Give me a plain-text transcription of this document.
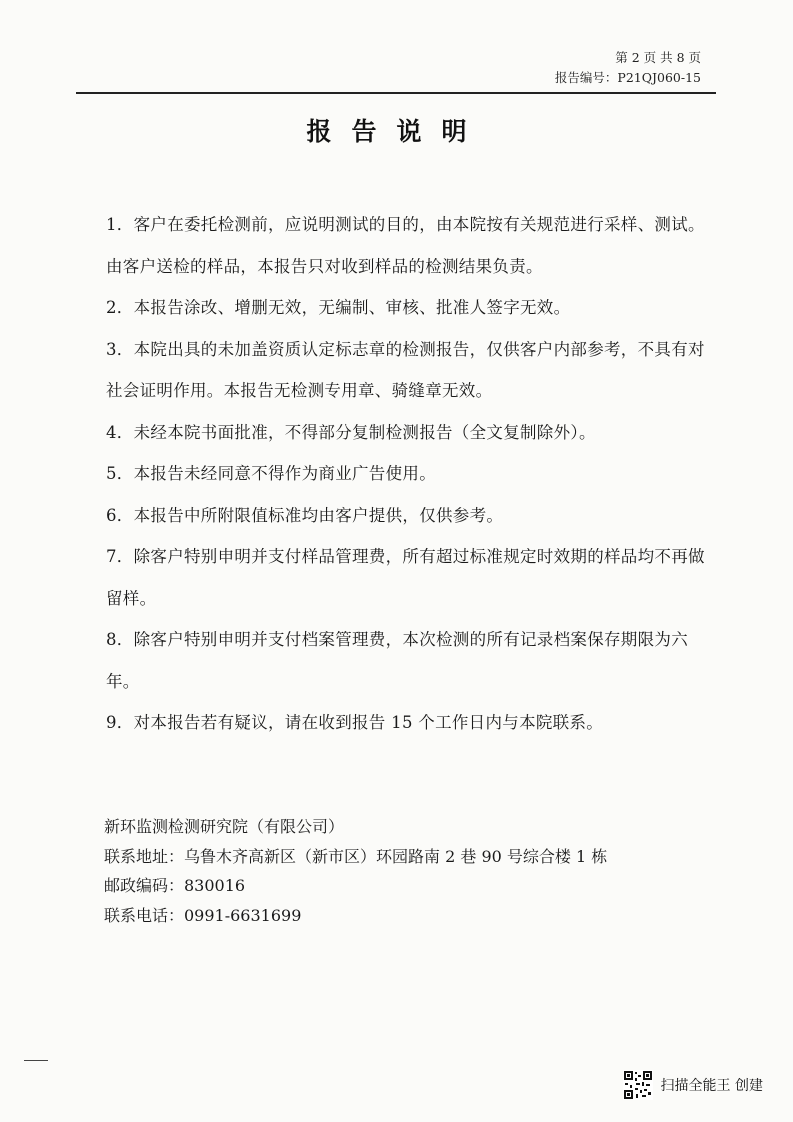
第 2 页 共 8 页
报告编号：P21QJ060-15
报告说明

1．客户在委托检测前，应说明测试的目的，由本院按有关规范进行采样、测试。由客户送检的样品，本报告只对收到样品的检测结果负责。

2．本报告涂改、增删无效，无编制、审核、批准人签字无效。

3．本院出具的未加盖资质认定标志章的检测报告，仅供客户内部参考，不具有对社会证明作用。本报告无检测专用章、骑缝章无效。

4．未经本院书面批准，不得部分复制检测报告（全文复制除外）。

5．本报告未经同意不得作为商业广告使用。

6．本报告中所附限值标准均由客户提供，仅供参考。

7．除客户特别申明并支付样品管理费，所有超过标准规定时效期的样品均不再做留样。

8．除客户特别申明并支付档案管理费，本次检测的所有记录档案保存期限为六年。

9．对本报告若有疑议，请在收到报告 15 个工作日内与本院联系。

新环监测检测研究院（有限公司）
联系地址：乌鲁木齐高新区（新市区）环园路南 2 巷 90 号综合楼 1 栋
邮政编码：830016
联系电话：0991-6631699
扫描全能王 创建
